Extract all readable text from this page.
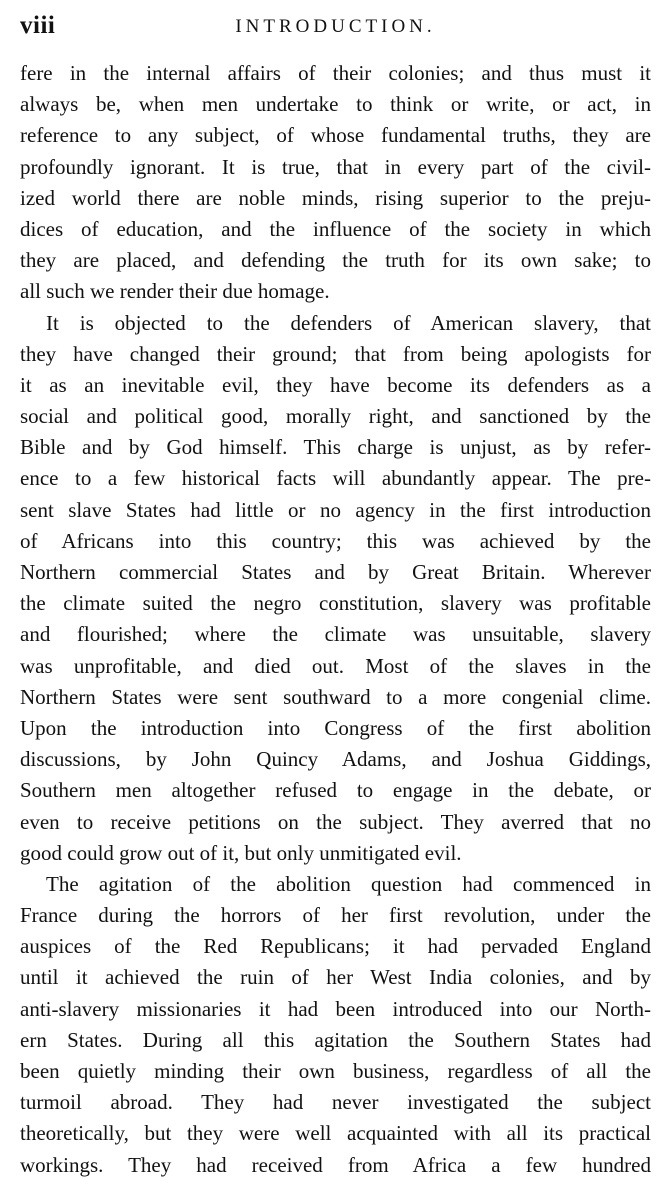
viii	INTRODUCTION.
fere in the internal affairs of their colonies; and thus must it
always be, when men undertake to think or write, or act, in
reference to any subject, of whose fundamental truths, they are
profoundly ignorant. It is true, that in every part of the civil-
ized world there are noble minds, rising superior to the preju-
dices of education, and the influence of the society in which
they are placed, and defending the truth for its own sake; to
all such we render their due homage.
It is objected to the defenders of American slavery, that
they have changed their ground; that from being apologists for
it as an inevitable evil, they have become its defenders as a
social and political good, morally right, and sanctioned by the
Bible and by God himself. This charge is unjust, as by refer-
ence to a few historical facts will abundantly appear. The pre-
sent slave States had little or no agency in the first introduction
of Africans into this country; this was achieved by the
Northern commercial States and by Great Britain. Wherever
the climate suited the negro constitution, slavery was profitable
and flourished; where the climate was unsuitable, slavery
was unprofitable, and died out. Most of the slaves in the
Northern States were sent southward to a more congenial clime.
Upon the introduction into Congress of the first abolition
discussions, by John Quincy Adams, and Joshua Giddings,
Southern men altogether refused to engage in the debate, or
even to receive petitions on the subject. They averred that no
good could grow out of it, but only unmitigated evil.
The agitation of the abolition question had commenced in
France during the horrors of her first revolution, under the
auspices of the Red Republicans; it had pervaded England
until it achieved the ruin of her West India colonies, and by
anti-slavery missionaries it had been introduced into our North-
ern States. During all this agitation the Southern States had
been quietly minding their own business, regardless of all the
turmoil abroad. They had never investigated the subject
theoretically, but they were well acquainted with all its practical
workings. They had received from Africa a few hundred
